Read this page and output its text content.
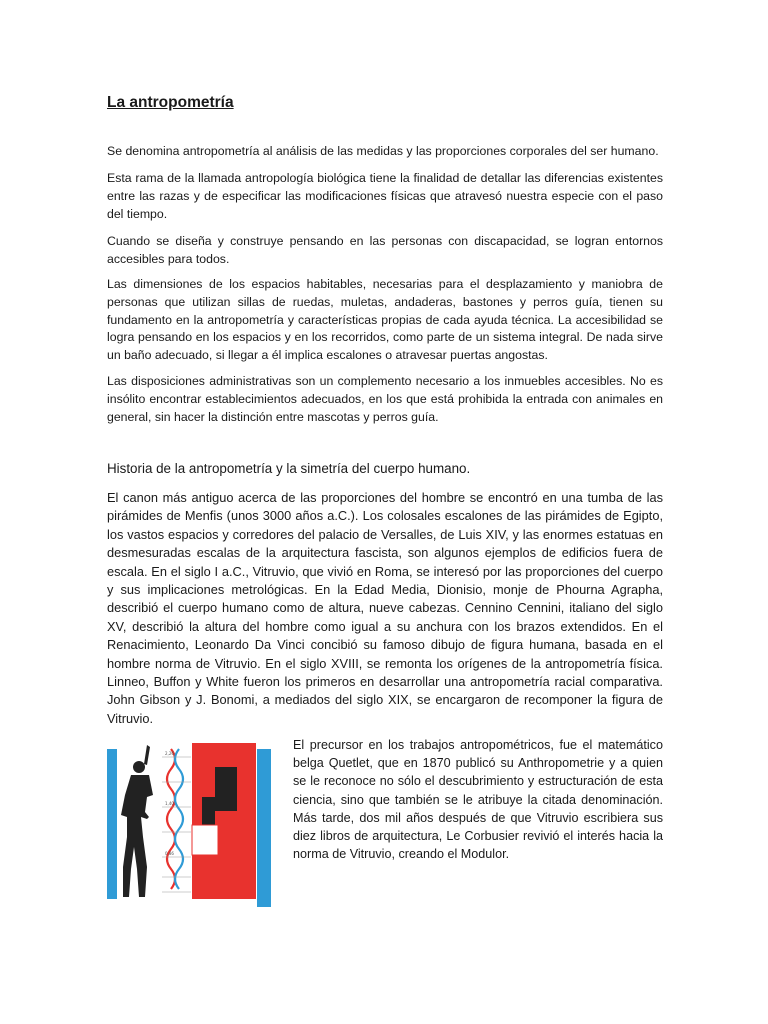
La antropometría

Se denomina antropometría al análisis de las medidas y las proporciones corporales del ser humano.

Esta rama de la llamada antropología biológica tiene la finalidad de detallar las diferencias existentes entre las razas y de especificar las modificaciones físicas que atravesó nuestra especie con el paso del tiempo.

Cuando se diseña y construye pensando en las personas con discapacidad, se logran entornos accesibles para todos.

Las dimensiones de los espacios habitables, necesarias para el desplazamiento y maniobra de personas que utilizan sillas de ruedas, muletas, andaderas, bastones y perros guía, tienen su fundamento en la antropometría y características propias de cada ayuda técnica. La accesibilidad se logra pensando en los espacios y en los recorridos, como parte de un sistema integral. De nada sirve un baño adecuado, si llegar a él implica escalones o atravesar puertas angostas.

Las disposiciones administrativas son un complemento necesario a los inmuebles accesibles. No es insólito encontrar establecimientos adecuados, en los que está prohibida la entrada con animales en general, sin hacer la distinción entre mascotas y perros guía.

Historia de la antropometría y la simetría del cuerpo humano.

El canon más antiguo acerca de las proporciones del hombre se encontró en una tumba de las pirámides de Menfis (unos 3000 años a.C.). Los colosales escalones de las pirámides de Egipto, los vastos espacios y corredores del palacio de Versalles, de Luis XIV, y las enormes estatuas en desmesuradas escalas de la arquitectura fascista, son algunos ejemplos de edificios fuera de escala. En el siglo I a.C., Vitruvio, que vivió en Roma, se interesó por las proporciones del cuerpo y sus implicaciones metrológicas. En la Edad Media, Dionisio, monje de Phourna Agrapha, describió el cuerpo humano como de altura, nueve cabezas. Cennino Cennini, italiano del siglo XV, describió la altura del hombre como igual a su anchura con los brazos extendidos. En el Renacimiento, Leonardo Da Vinci concibió su famoso dibujo de figura humana, basada en el hombre norma de Vitruvio. En el siglo XVIII, se remonta los orígenes de la antropometría física. Linneo, Buffon y White fueron los primeros en desarrollar una antropometría racial comparativa. John Gibson y J. Bonomi, a mediados del siglo XIX, se encargaron de recomponer la figura de Vitruvio.

2,26
1,40
0,86

El precursor en los trabajos antropométricos, fue el matemático belga Quetlet, que en 1870 publicó su Anthropometrie y a quien se le reconoce no sólo el descubrimiento y estructuración de esta ciencia, sino que también se le atribuye la citada denominación. Más tarde, dos mil años después de que Vitruvio escribiera sus diez libros de arquitectura, Le Corbusier revivió el interés hacia la norma de Vitruvio, creando el Modulor.
